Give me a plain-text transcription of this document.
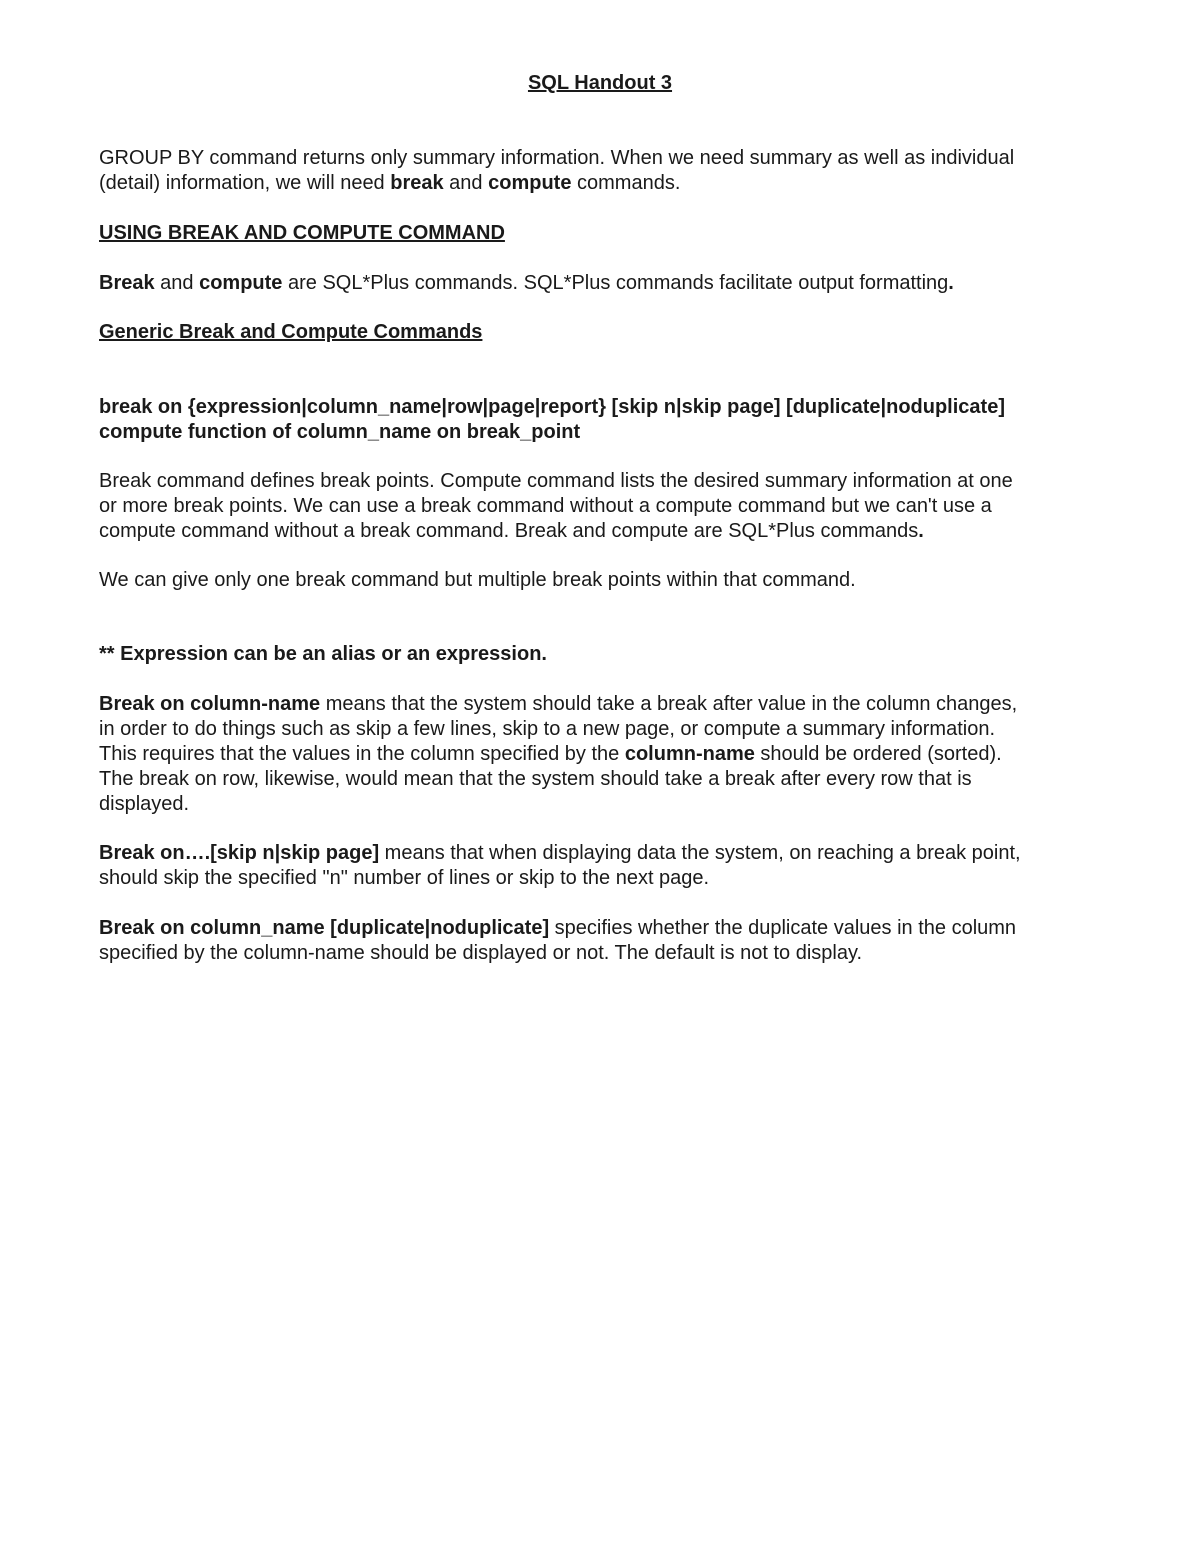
SQL Handout 3
GROUP BY command returns only summary information. When we need summary as well as individual
(detail) information, we will need break and compute commands.
USING BREAK AND COMPUTE COMMAND
Break and compute are SQL*Plus commands. SQL*Plus commands facilitate output formatting.
Generic Break and Compute Commands
break on {expression|column_name|row|page|report} [skip n|skip page] [duplicate|noduplicate]
compute function of column_name on break_point
Break command defines break points. Compute command lists the desired summary information at one
or more break points. We can use a break command without a compute command but we can't use a
compute command without a break command. Break and compute are SQL*Plus commands.
We can give only one break command but multiple break points within that command.
** Expression can be an alias or an expression.
Break on column-name means that the system should take a break after value in the column changes,
in order to do things such as skip a few lines, skip to a new page, or compute a summary information.
This requires that the values in the column specified by the column-name should be ordered (sorted).
The break on row, likewise, would mean that the system should take a break after every row that is
displayed.
Break on….[skip n|skip page] means that when displaying data the system, on reaching a break point,
should skip the specified "n" number of lines or skip to the next page.
Break on column_name [duplicate|noduplicate] specifies whether the duplicate values in the column
specified by the column-name should be displayed or not. The default is not to display.
